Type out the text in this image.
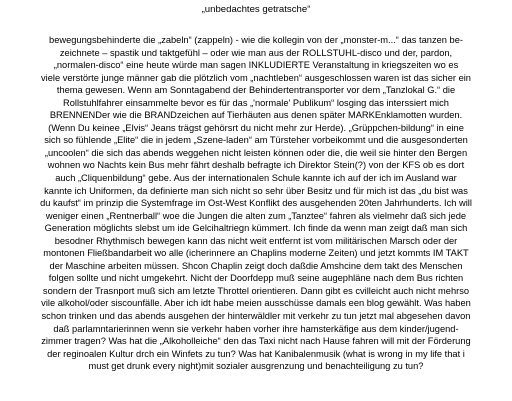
„unbedachtes getratsche“
bewegungsbehinderte die „zabeln“ (zappeln) - wie die kollegin von der „monster-m...“ das tanzen be-
zeichnete – spastik und taktgefühl – oder wie man aus der ROLLSTUHL-disco und der, pardon,
„normalen-disco“ eine heute würde man sagen INKLUDIERTE Veranstaltung in kriegszeiten wo es
viele verstörte junge männer gab die plötzlich vom „nachtleben“ ausgeschlossen waren ist das sicher ein
thema gewesen. Wenn am Sonntagabend der Behindertentransporter vor dem „Tanzlokal G.“ die
Rollstuhlfahrer einsammelte bevor es für das „'normale' Publikum“ losging das interssiert mich
BRENNENDer wie die BRANDzeichen auf Tierhäuten aus denen später MARKEnklamotten wurden.
(Wenn Du keinee „Elvis“ Jeans trägst gehörsrt du nicht mehr zur Herde). „Grüppchen-bildung“ in eine
sich so fühlende „Elite“ die in jedem „Szene-laden“ am Türsteher vorbeikommt und die ausgesonderten
„uncoolen“ die sich das abends weggehen nicht leisten können oder die, die weil sie hinter den Bergen
wohnen wo Nachts kein Bus mehr fährt deshalb befragte ich Direktor Stein(?) von der KFS ob es dort
auch „Cliquenbildung“ gebe. Aus der internationalen Schule kannte ich auf der ich im Ausland war
kannte ich Uniformen, da definierte man sich nicht so sehr über Besitz und für mich ist das „du bist was
du kaufst“ im prinzip die Systemfrage im Ost-West Konflikt des ausgehenden 20ten Jahrhunderts. Ich will
weniger einen „Rentnerball“ woe die Jungen die alten zum „Tanztee“ fahren als vielmehr daß sich jede
Generation möglichts slebst um ide Gelcihaltriegn kümmert. Ich finde da wenn man zeigt daß man sich
besodner Rhythmisch bewegen kann das nicht weit entfernt ist vom militärischen Marsch oder der
montonen Fließbandarbeit wo alle (icherinnere an Chaplins moderne Zeiten) und jetzt kommts IM TAKT
der Maschine arbeiten müssen. Shcon Chaplin zeigt doch daßdie Amshcine dem takt des Menschen
folgen sollte und nicht umgekehrt. Nicht der Doorfdepp muß seine augephläne nach dem Bus richten
sondern der Trasnport muß sich am letzte Throttel orientieren. Dann gibt es cvilleicht auch nicht mehrso
vile alkohol/oder siscounfälle. Aber ich idt habe meien ausschüsse damals een blog gewählt. Was haben
schon trinken und das abends ausgehen der hinterwäldler mit verkehr zu tun jetzt mal abgesehen davon
daß parlamntarierinnen wenn sie verkehr haben vorher ihre hamsterkäfige aus dem kinder/jugend-
zimmer tragen? Was hat die „Alkoholleiche“ den das Taxi nicht nach Hause fahren will mit der Förderung
der reginoalen Kultur drch ein Winfets zu tun? Was hat Kanibalenmusik (what is wrong in my life that i
must get drunk every night)mit sozialer ausgrenzung und benachteiligung zu tun?
